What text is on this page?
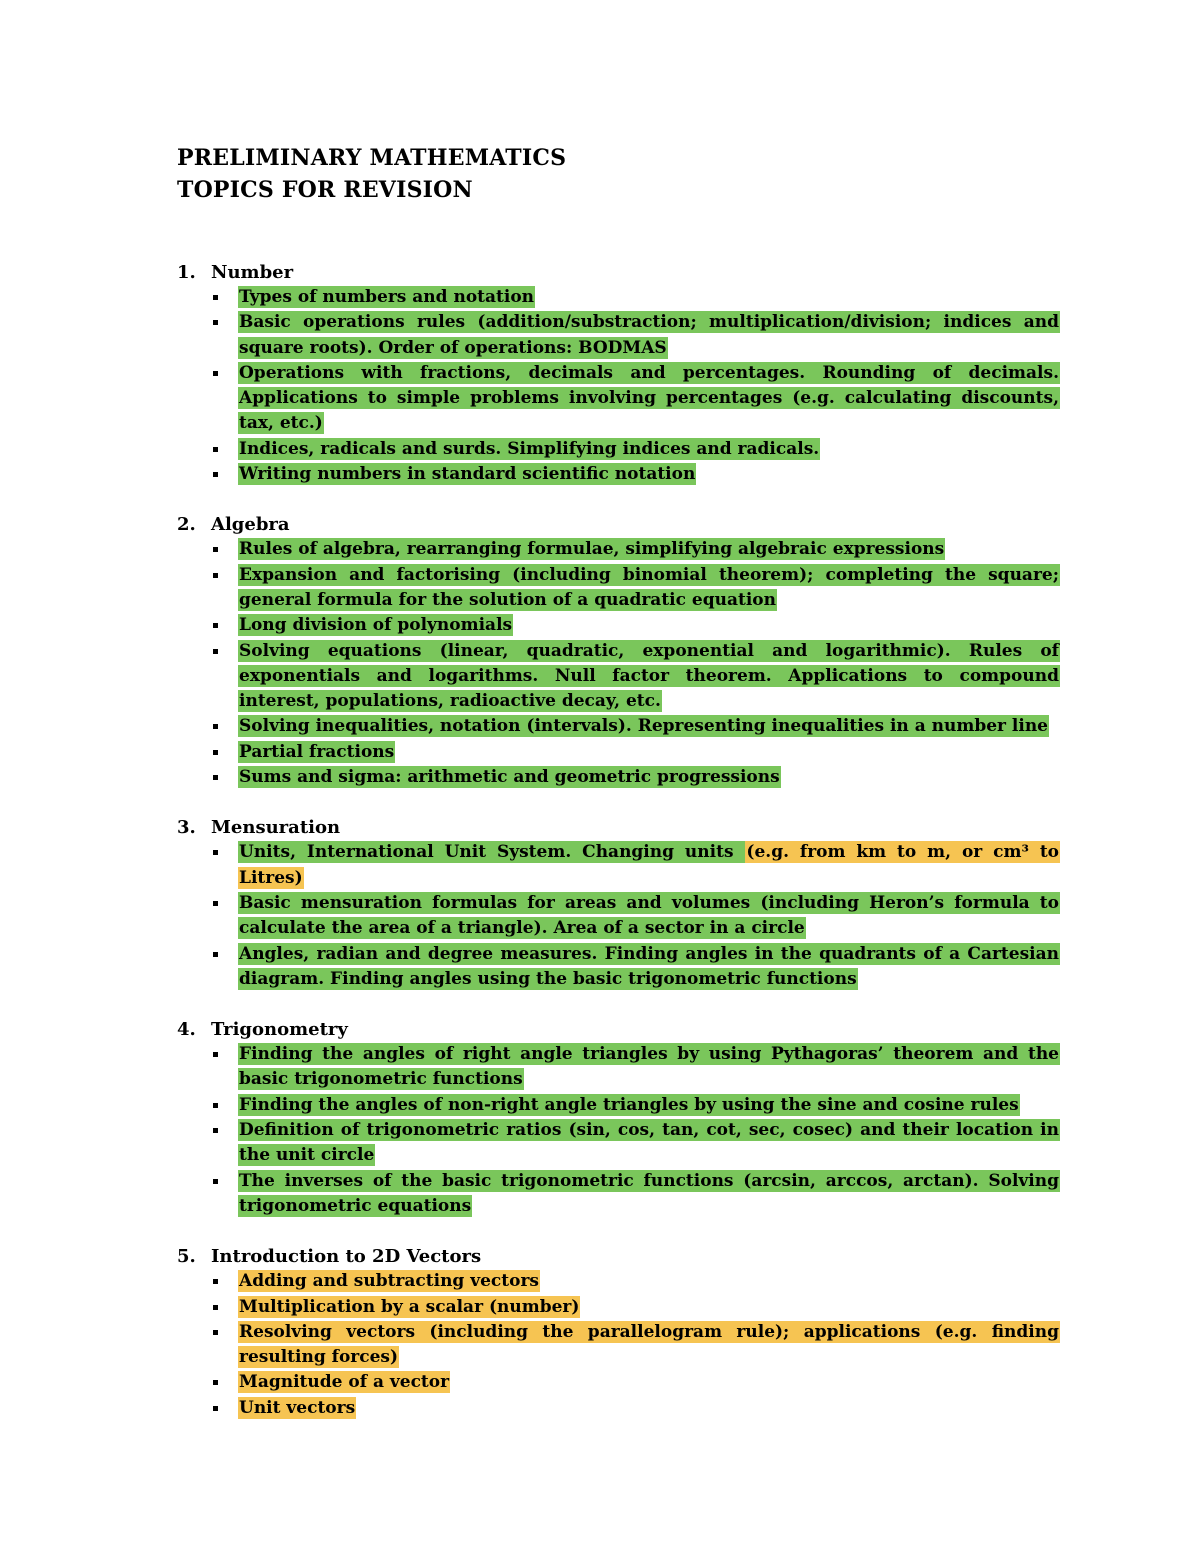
PRELIMINARY MATHEMATICS
TOPICS FOR REVISION
1. Number
Types of numbers and notation
Basic operations rules (addition/substraction; multiplication/division; indices and square roots). Order of operations: BODMAS
Operations with fractions, decimals and percentages. Rounding of decimals. Applications to simple problems involving percentages (e.g. calculating discounts, tax, etc.)
Indices, radicals and surds. Simplifying indices and radicals.
Writing numbers in standard scientific notation
2. Algebra
Rules of algebra, rearranging formulae, simplifying algebraic expressions
Expansion and factorising (including binomial theorem); completing the square; general formula for the solution of a quadratic equation
Long division of polynomials
Solving equations (linear, quadratic, exponential and logarithmic). Rules of exponentials and logarithms. Null factor theorem. Applications to compound interest, populations, radioactive decay, etc.
Solving inequalities, notation (intervals). Representing inequalities in a number line
Partial fractions
Sums and sigma: arithmetic and geometric progressions
3. Mensuration
Units, International Unit System. Changing units (e.g. from km to m, or cm³ to Litres)
Basic mensuration formulas for areas and volumes (including Heron’s formula to calculate the area of a triangle). Area of a sector in a circle
Angles, radian and degree measures. Finding angles in the quadrants of a Cartesian diagram. Finding angles using the basic trigonometric functions
4. Trigonometry
Finding the angles of right angle triangles by using Pythagoras’ theorem and the basic trigonometric functions
Finding the angles of non-right angle triangles by using the sine and cosine rules
Definition of trigonometric ratios (sin, cos, tan, cot, sec, cosec) and their location in the unit circle
The inverses of the basic trigonometric functions (arcsin, arccos, arctan). Solving trigonometric equations
5. Introduction to 2D Vectors
Adding and subtracting vectors
Multiplication by a scalar (number)
Resolving vectors (including the parallelogram rule); applications (e.g. finding resulting forces)
Magnitude of a vector
Unit vectors
